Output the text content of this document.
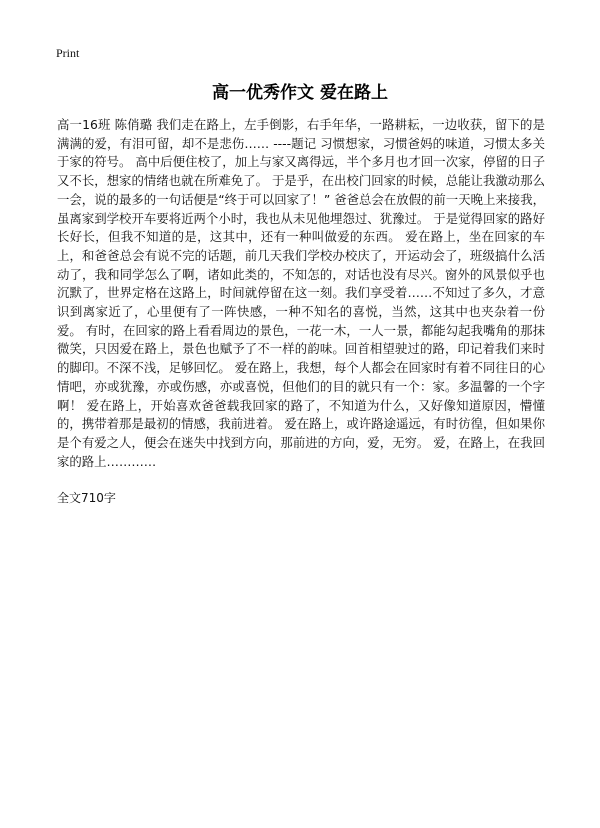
Print
高一优秀作文 爱在路上
高一16班 陈俏璐 我们走在路上，左手倒影，右手年华，一路耕耘，一边收获，留下的是满满的爱，有泪可留，却不是悲伤…… ----题记 习惯想家，习惯爸妈的味道，习惯太多关于家的符号。 高中后便住校了，加上与家又离得远，半个多月也才回一次家，停留的日子又不长，想家的情绪也就在所难免了。 于是乎，在出校门回家的时候，总能让我激动那么一会，说的最多的一句话便是“终于可以回家了！” 爸爸总会在放假的前一天晚上来接我，虽离家到学校开车要将近两个小时，我也从未见他埋怨过、犹豫过。 于是觉得回家的路好长好长，但我不知道的是，这其中，还有一种叫做爱的东西。 爱在路上，坐在回家的车上，和爸爸总会有说不完的话题，前几天我们学校办校庆了，开运动会了，班级搞什么活动了，我和同学怎么了啊，诸如此类的，不知怎的，对话也没有尽兴。窗外的风景似乎也沉默了，世界定格在这路上，时间就停留在这一刻。我们享受着……不知过了多久，才意识到离家近了，心里便有了一阵快感，一种不知名的喜悦，当然，这其中也夹杂着一份爱。 有时，在回家的路上看看周边的景色，一花一木，一人一景，都能勾起我嘴角的那抹微笑，只因爱在路上，景色也赋予了不一样的韵味。回首相望驶过的路，印记着我们来时的脚印。不深不浅，足够回忆。 爱在路上，我想，每个人都会在回家时有着不同往日的心情吧，亦或犹豫，亦或伤感，亦或喜悦，但他们的目的就只有一个：家。多温馨的一个字啊！ 爱在路上，开始喜欢爸爸载我回家的路了，不知道为什么，又好像知道原因，懵懂的，携带着那是最初的情感，我前进着。 爱在路上，或许路途遥远，有时彷徨，但如果你是个有爱之人，便会在迷失中找到方向，那前进的方向，爱，无穷。 爱，在路上，在我回家的路上…………
全文710字
